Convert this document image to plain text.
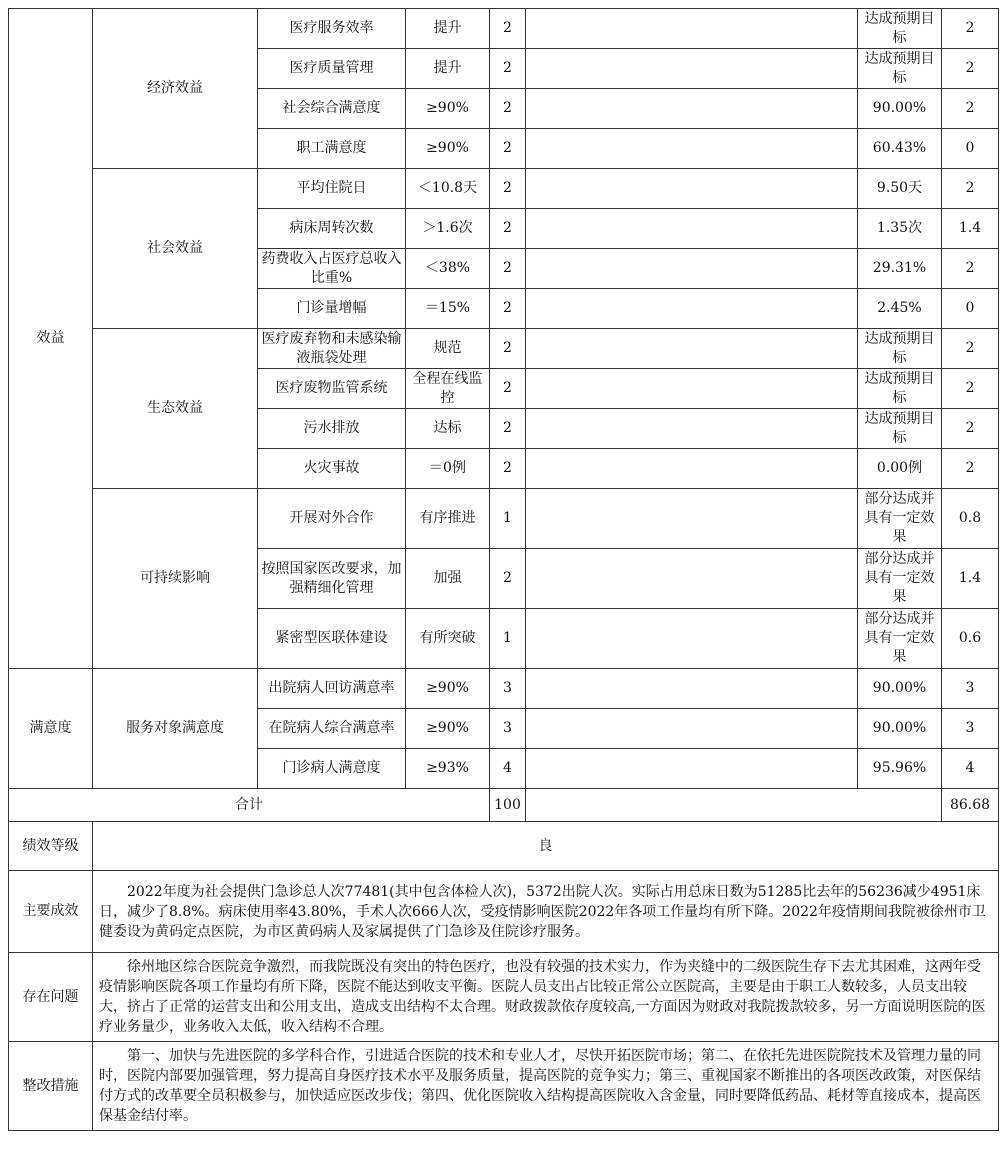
效益	经济效益	医疗服务效率	提升	2		达成预期目标	2
		医疗质量管理	提升	2		达成预期目标	2
		社会综合满意度	≥90%	2		90.00%	2
		职工满意度	≥90%	2		60.43%	0
	社会效益	平均住院日	＜10.8天	2		9.50天	2
		病床周转次数	＞1.6次	2		1.35次	1.4
		药费收入占医疗总收入比重%	＜38%	2		29.31%	2
		门诊量增幅	＝15%	2		2.45%	0
	生态效益	医疗废弃物和未感染输液瓶袋处理	规范	2		达成预期目标	2
		医疗废物监管系统	全程在线监控	2		达成预期目标	2
		污水排放	达标	2		达成预期目标	2
		火灾事故	＝0例	2		0.00例	2
	可持续影响	开展对外合作	有序推进	1		部分达成并具有一定效果	0.8
		按照国家医改要求，加强精细化管理	加强	2		部分达成并具有一定效果	1.4
		紧密型医联体建设	有所突破	1		部分达成并具有一定效果	0.6
满意度	服务对象满意度	出院病人回访满意率	≥90%	3		90.00%	3
		在院病人综合满意率	≥90%	3		90.00%	3
		门诊病人满意度	≥93%	4		95.96%	4
合计				100			86.68
绩效等级	良						
主要成效	2022年度为社会提供门急诊总人次77481(其中包含体检人次)，5372出院人次。实际占用总床日数为51285比去年的56236减少4951床日，减少了8.8%。病床使用率43.80%，手术人次666人次，受疫情影响医院2022年各项工作量均有所下降。2022年疫情期间我院被徐州市卫健委设为黄码定点医院，为市区黄码病人及家属提供了门急诊及住院诊疗服务。						
存在问题	徐州地区综合医院竞争激烈，而我院既没有突出的特色医疗，也没有较强的技术实力，作为夹缝中的二级医院生存下去尤其困难，这两年受疫情影响医院各项工作量均有所下降，医院不能达到收支平衡。医院人员支出占比较正常公立医院高，主要是由于职工人数较多，人员支出较大，挤占了正常的运营支出和公用支出，造成支出结构不太合理。财政拨款依存度较高,一方面因为财政对我院拨款较多，另一方面说明医院的医疗业务量少，业务收入太低，收入结构不合理。						
整改措施	第一、加快与先进医院的多学科合作，引进适合医院的技术和专业人才，尽快开拓医院市场；第二、在依托先进医院院技术及管理力量的同时，医院内部要加强管理，努力提高自身医疗技术水平及服务质量，提高医院的竞争实力；第三、重视国家不断推出的各项医改政策，对医保结付方式的改革要全员积极参与，加快适应医改步伐；第四、优化医院收入结构提高医院收入含金量，同时要降低药品、耗材等直接成本，提高医保基金结付率。						
